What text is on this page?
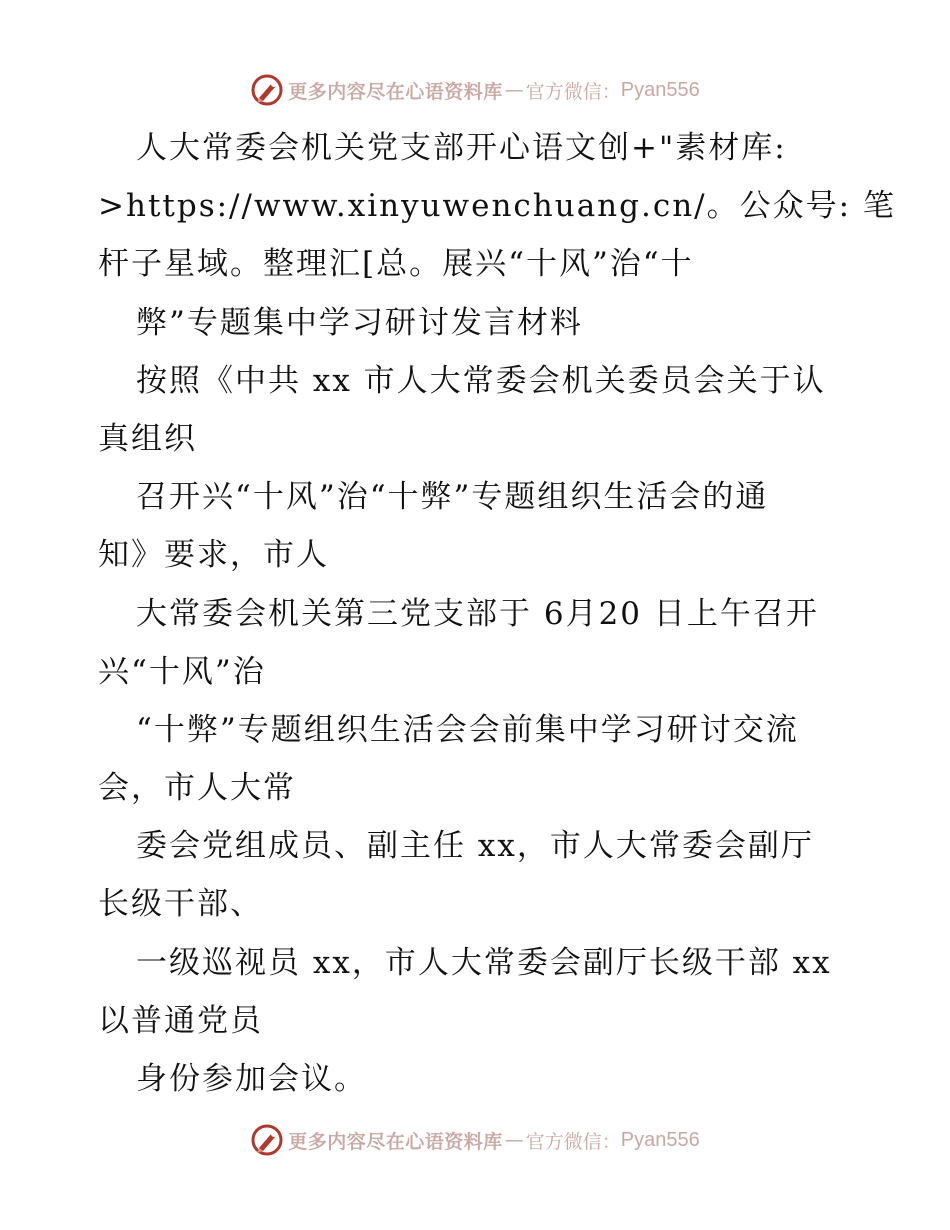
更多内容尽在心语资料库 — 官方微信： Pyan556
人大常委会机关党支部开心语文创+"素材库:
>https://www.xinyuwenchuang.cn/。公众号: 笔
杆子星域。整理汇[总。展兴“十风”治“十
弊”专题集中学习研讨发言材料
按照《中共 xx 市人大常委会机关委员会关于认
真组织
召开兴“十风”治“十弊”专题组织生活会的通
知》要求，市人
大常委会机关第三党支部于 6月20 日上午召开
兴“十风”治
“十弊”专题组织生活会会前集中学习研讨交流
会，市人大常
委会党组成员、副主任 xx，市人大常委会副厅
长级干部、
一级巡视员 xx，市人大常委会副厅长级干部 xx
以普通党员
身份参加会议。
更多内容尽在心语资料库 — 官方微信： Pyan556
